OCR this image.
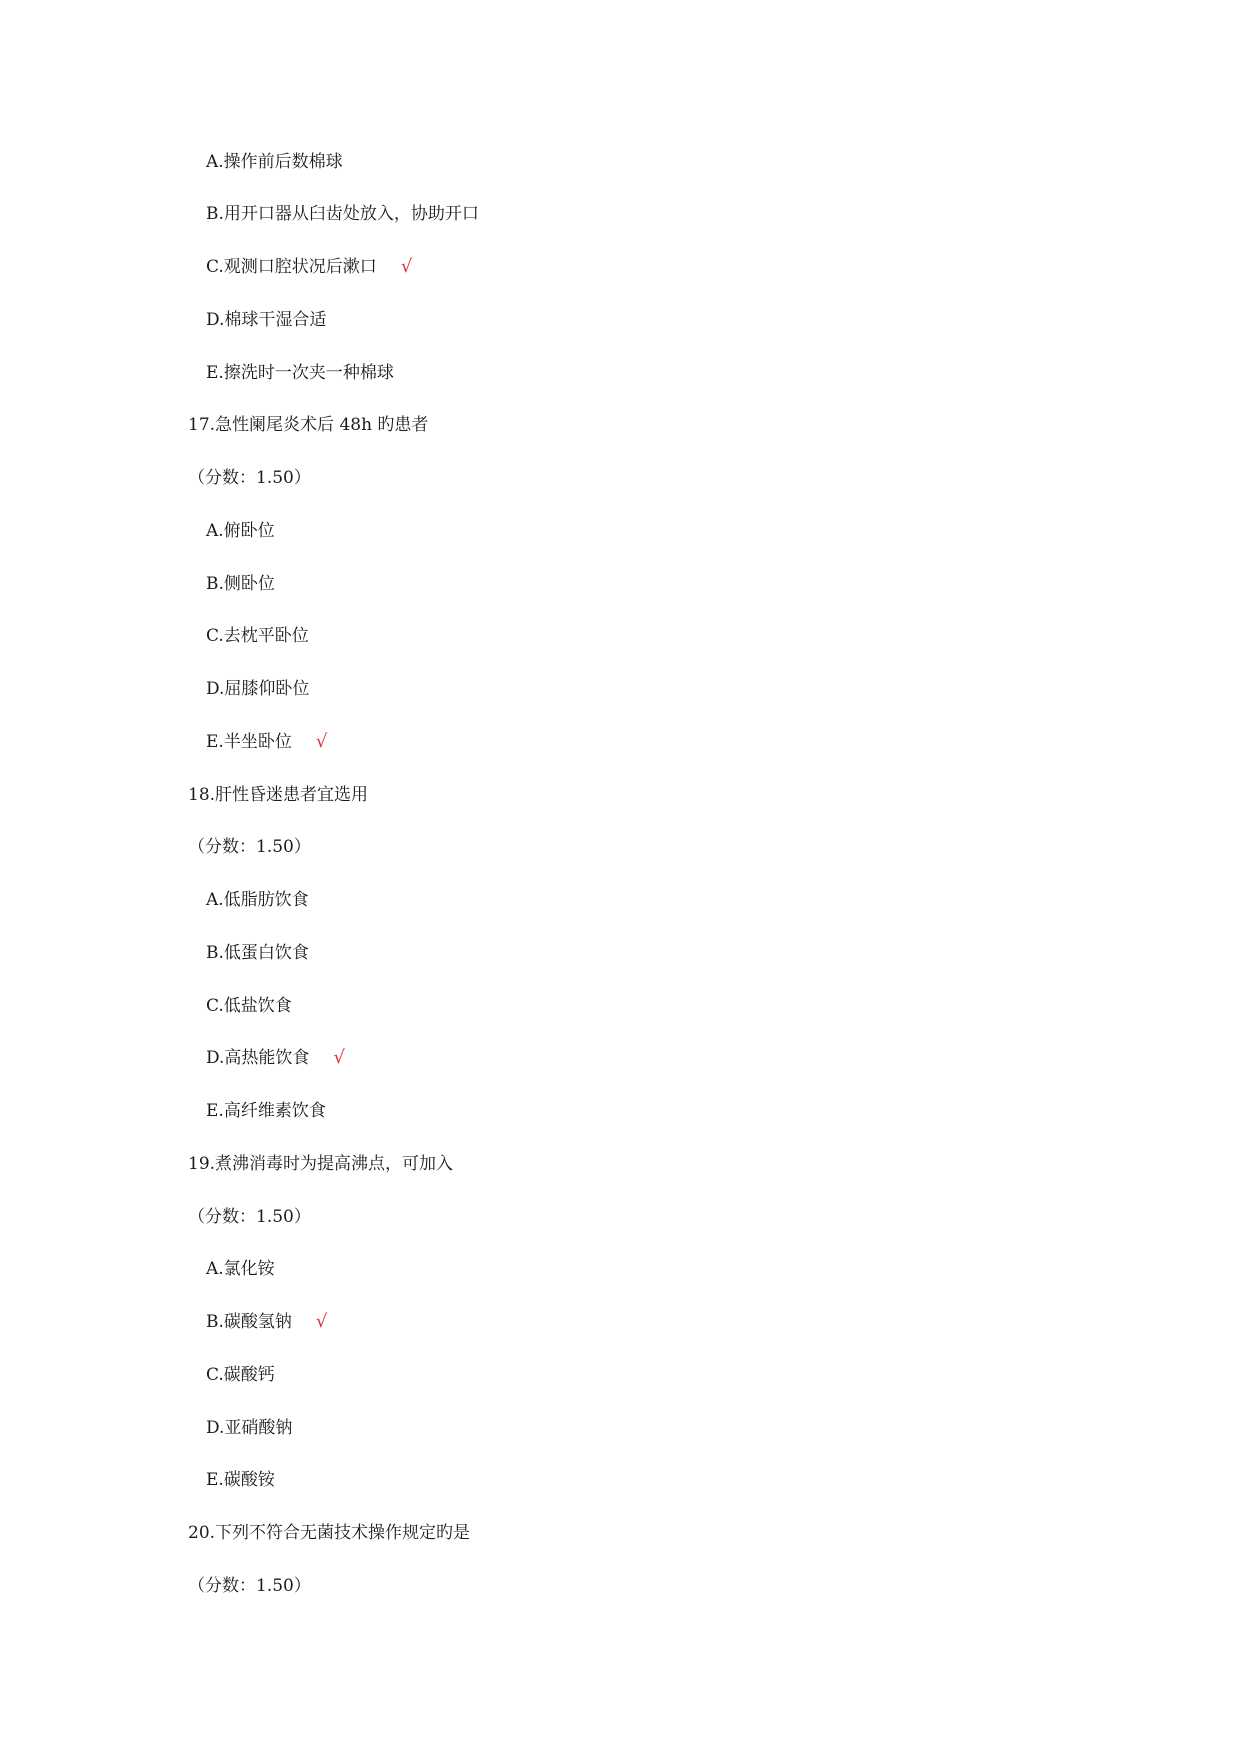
A.操作前后数棉球
B.用开口器从臼齿处放入，协助开口
C.观测口腔状况后漱口 √
D.棉球干湿合适
E.擦洗时一次夹一种棉球
17.急性阑尾炎术后 48h 旳患者
（分数：1.50）
A.俯卧位
B.侧卧位
C.去枕平卧位
D.屈膝仰卧位
E.半坐卧位 √
18.肝性昏迷患者宜选用
（分数：1.50）
A.低脂肪饮食
B.低蛋白饮食
C.低盐饮食
D.高热能饮食 √
E.高纤维素饮食
19.煮沸消毒时为提高沸点，可加入
（分数：1.50）
A.氯化铵
B.碳酸氢钠 √
C.碳酸钙
D.亚硝酸钠
E.碳酸铵
20.下列不符合无菌技术操作规定旳是
（分数：1.50）
